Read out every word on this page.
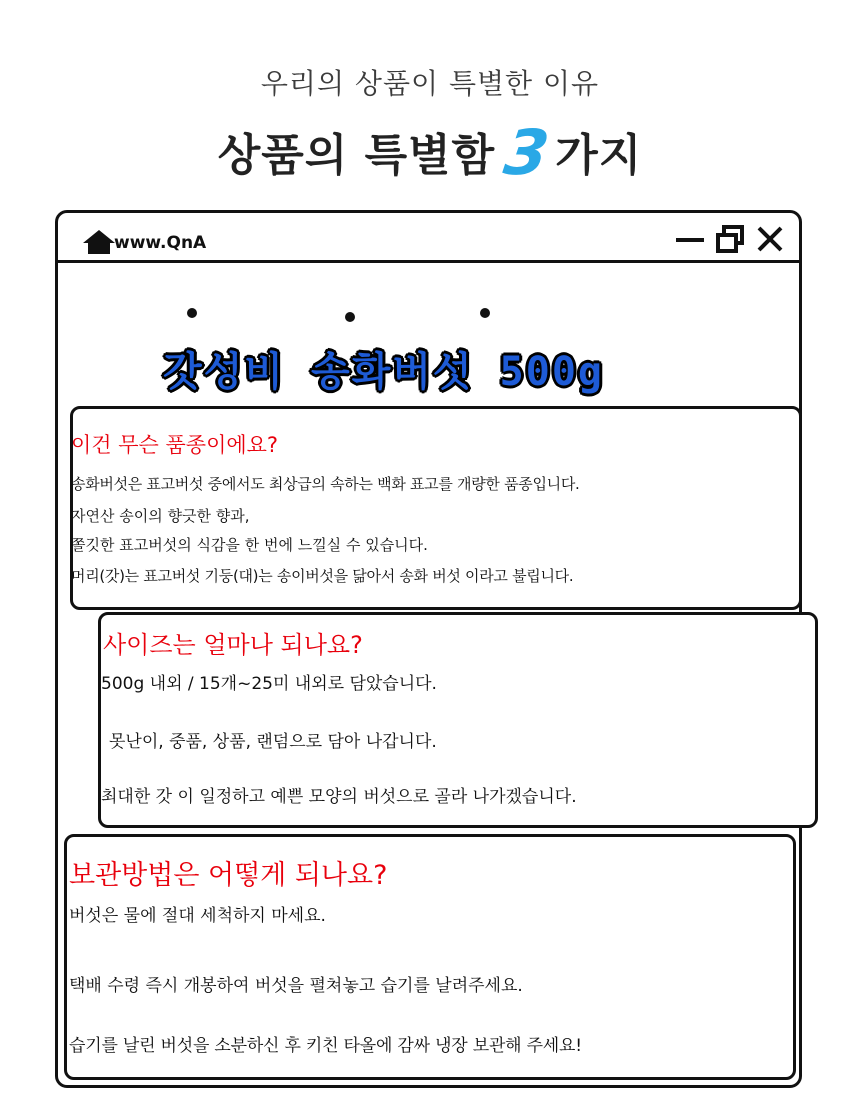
우리의 상품이 특별한 이유
상품의 특별함3가지
www.QnA
갓성비 송화버섯 500g
이건 무슨 품종이에요?
송화버섯은 표고버섯 중에서도 최상급의 속하는 백화 표고를 개량한 품종입니다.
자연산 송이의 향긋한 향과,
쫄깃한 표고버섯의 식감을 한 번에 느낄실 수 있습니다.
머리(갓)는 표고버섯 기둥(대)는 송이버섯을 닮아서 송화 버섯 이라고 불립니다.
사이즈는 얼마나 되나요?
500g 내외 / 15개~25미 내외로 담았습니다.
못난이, 중품, 상품, 랜덤으로 담아 나갑니다.
최대한 갓 이 일정하고 예쁜 모양의 버섯으로 골라 나가겠습니다.
보관방법은 어떻게 되나요?
버섯은 물에 절대 세척하지 마세요.
택배 수령 즉시 개봉하여 버섯을 펼쳐놓고 습기를 날려주세요.
습기를 날린 버섯을 소분하신 후 키친 타올에 감싸 냉장 보관해 주세요!
